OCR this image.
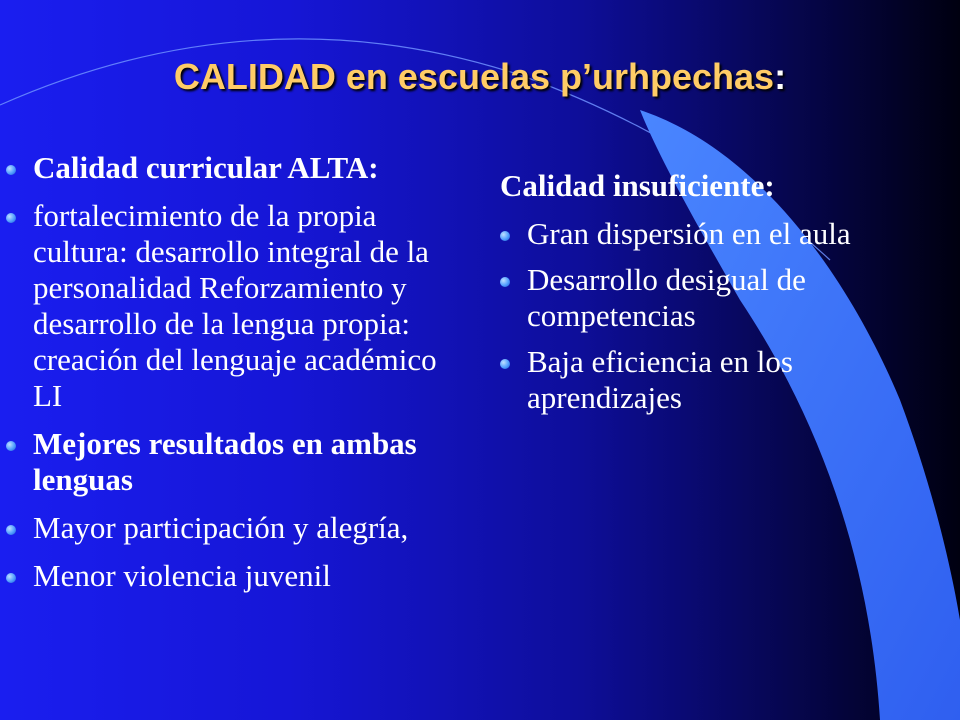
CALIDAD en escuelas p’urhpechas:
Calidad curricular ALTA:
fortalecimiento de la propia cultura: desarrollo integral de la personalidad Reforzamiento y desarrollo de la lengua propia: creación del lenguaje académico LI
Mejores resultados en ambas lenguas
Mayor participación y alegría,
Menor violencia juvenil

Calidad insuficiente:

Gran dispersión en el aula
Desarrollo desigual de competencias
Baja eficiencia en los aprendizajes
